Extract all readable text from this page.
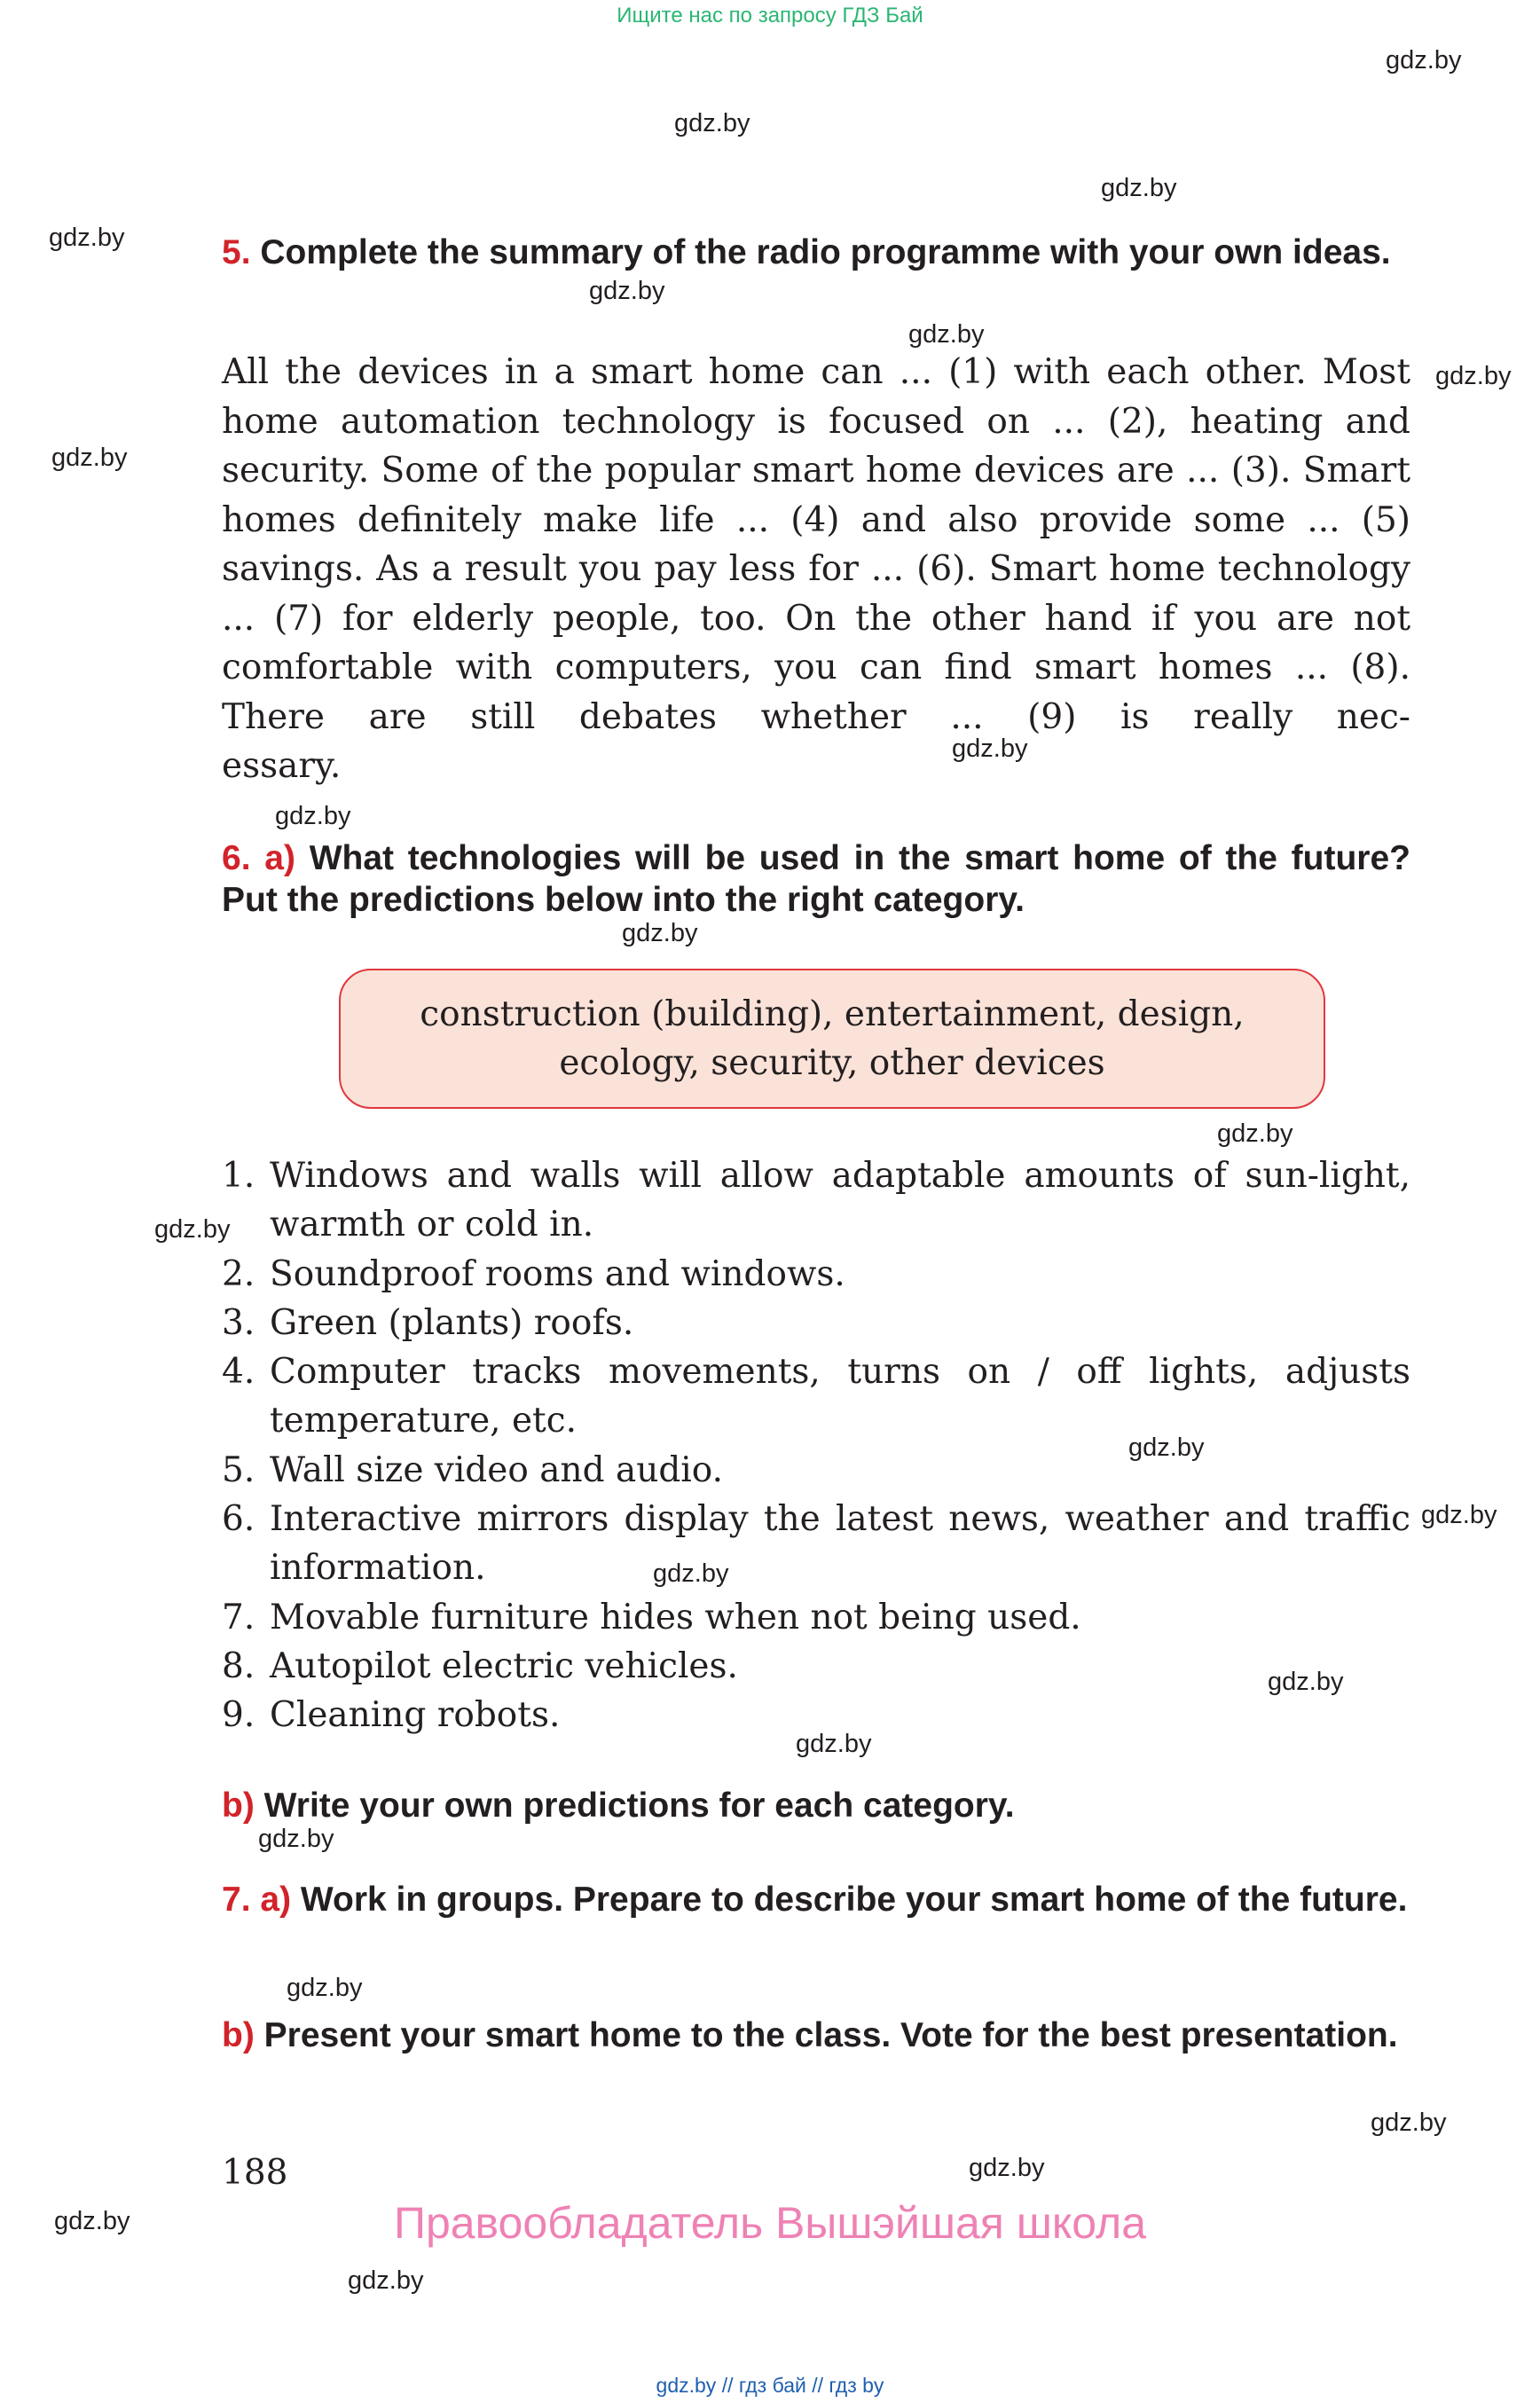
Ищите нас по запросу ГДЗ Бай
gdz.by
gdz.by
gdz.by
gdz.by
gdz.by
gdz.by
gdz.by
gdz.by
gdz.by
gdz.by
gdz.by
gdz.by
gdz.by
gdz.by
gdz.by
gdz.by
gdz.by
gdz.by
gdz.by
gdz.by
gdz.by
gdz.by
gdz.by
gdz.by
5. Complete the summary of the radio programme with your own ideas.
All the devices in a smart home can ... (1) with each other. Most home automation technology is focused on ... (2), heating and security. Some of the popular smart home devices are ... (3). Smart homes definitely make life ... (4) and also provide some ... (5) savings. As a result you pay less for ... (6). Smart home technology ... (7) for elderly people, too. On the other hand if you are not comfortable with computers, you can find smart homes ... (8). There are still debates whether ... (9) is really nec-
essary.
6. a) What technologies will be used in the smart home of the future? Put the predictions below into the right category.
construction (building), entertainment, design, ecology, security, other devices
1. Windows and walls will allow adaptable amounts of sun-light, warmth or cold in.
2. Soundproof rooms and windows.
3. Green (plants) roofs.
4. Computer tracks movements, turns on / off lights, adjusts temperature, etc.
5. Wall size video and audio.
6. Interactive mirrors display the latest news, weather and traffic information.
7. Movable furniture hides when not being used.
8. Autopilot electric vehicles.
9. Cleaning robots.
b) Write your own predictions for each category.
7. a) Work in groups. Prepare to describe your smart home of the future.
b) Present your smart home to the class. Vote for the best presentation.
188
Правообладатель Вышэйшая школа
gdz.by // гдз бай // гдз by
